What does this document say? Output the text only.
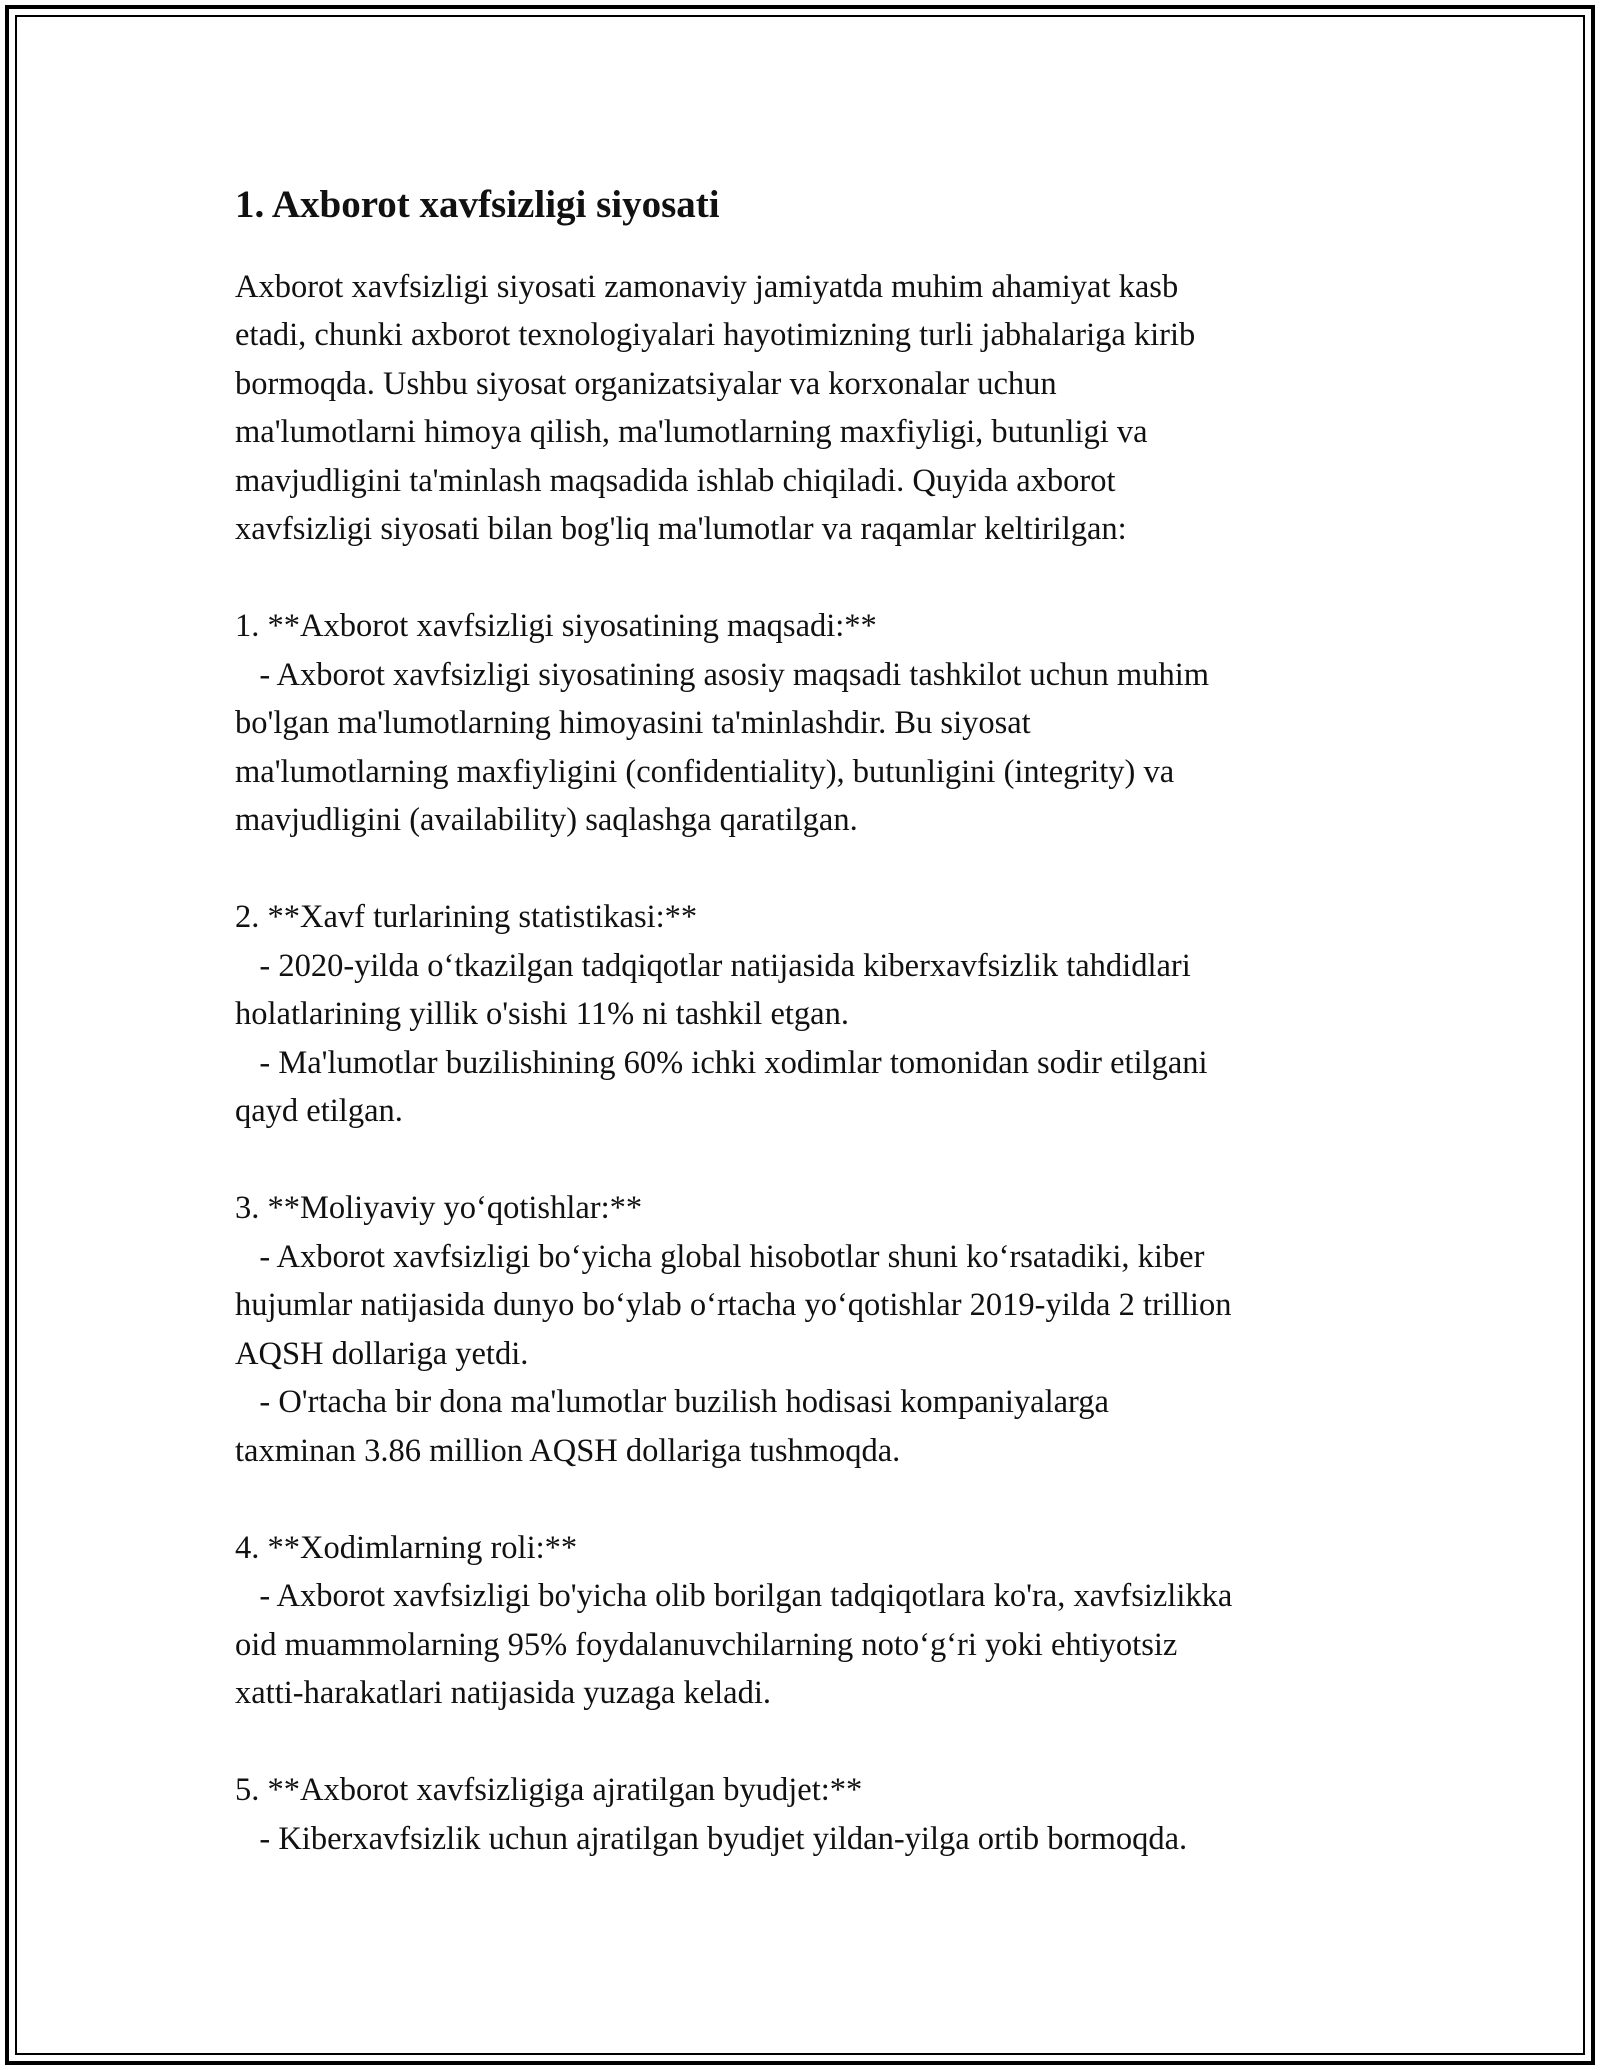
1. Axborot xavfsizligi siyosati

Axborot xavfsizligi siyosati zamonaviy jamiyatda muhim ahamiyat kasb
etadi, chunki axborot texnologiyalari hayotimizning turli jabhalariga kirib
bormoqda. Ushbu siyosat organizatsiyalar va korxonalar uchun
ma'lumotlarni himoya qilish, ma'lumotlarning maxfiyligi, butunligi va
mavjudligini ta'minlash maqsadida ishlab chiqiladi. Quyida axborot
xavfsizligi siyosati bilan bog'liq ma'lumotlar va raqamlar keltirilgan:

1. **Axborot xavfsizligi siyosatining maqsadi:**
- Axborot xavfsizligi siyosatining asosiy maqsadi tashkilot uchun muhim
bo'lgan ma'lumotlarning himoyasini ta'minlashdir. Bu siyosat
ma'lumotlarning maxfiyligini (confidentiality), butunligini (integrity) va
mavjudligini (availability) saqlashga qaratilgan.

2. **Xavf turlarining statistikasi:**
- 2020-yilda o‘tkazilgan tadqiqotlar natijasida kiberxavfsizlik tahdidlari
holatlarining yillik o'sishi 11% ni tashkil etgan.
- Ma'lumotlar buzilishining 60% ichki xodimlar tomonidan sodir etilgani
qayd etilgan.

3. **Moliyaviy yo‘qotishlar:**
- Axborot xavfsizligi bo‘yicha global hisobotlar shuni ko‘rsatadiki, kiber
hujumlar natijasida dunyo bo‘ylab o‘rtacha yo‘qotishlar 2019-yilda 2 trillion
AQSH dollariga yetdi.
- O'rtacha bir dona ma'lumotlar buzilish hodisasi kompaniyalarga
taxminan 3.86 million AQSH dollariga tushmoqda.

4. **Xodimlarning roli:**
- Axborot xavfsizligi bo'yicha olib borilgan tadqiqotlara ko'ra, xavfsizlikka
oid muammolarning 95% foydalanuvchilarning noto‘g‘ri yoki ehtiyotsiz
xatti-harakatlari natijasida yuzaga keladi.

5. **Axborot xavfsizligiga ajratilgan byudjet:**
- Kiberxavfsizlik uchun ajratilgan byudjet yildan-yilga ortib bormoqda.
